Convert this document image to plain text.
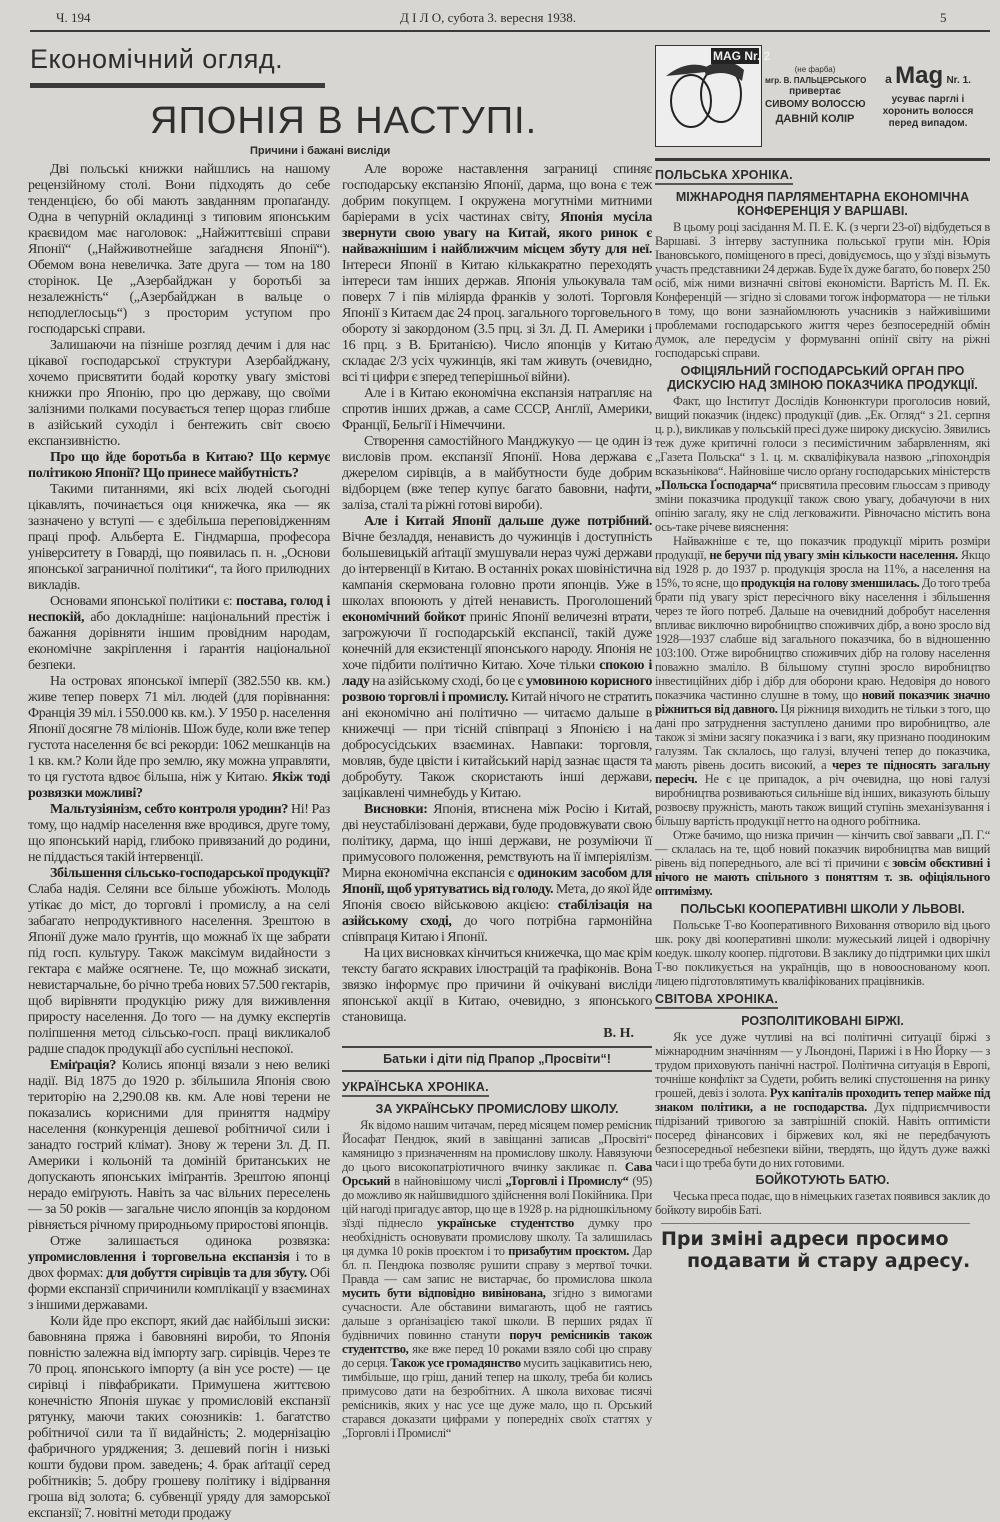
Ч. 194	Д І Л О, субота 3. вересня 1938.	5
Економічний огляд.
ЯПОНІЯ В НАСТУПІ.
Причини і бажані висліди
MAG Nr. 2
(не фарба)
мгр. В. ПАЛЬЦЕРСЬКОГО
привертає
СИВОМУ ВОЛОССЮ
ДАВНІЙ КОЛІР
а Mag Nr. 1.
усуває парглі і хоронить волосся перед випадом.

Дві польські книжки найшлись на нашому рецензійному столі. Вони підходять до себе тенденцією, бо обі мають завданням пропаґанду. Одна в чепурній окладинці з типовим японським краєвидом має наголовок: „Найжиттєвіші справи Японії“ („Найживотнейше заґаднєня Японії“). Обемом вона невеличка. Зате друга — том на 180 сторінок. Це „Азербайджан у боротьбі за незалежність“ („Азербайджан в вальце о нєподлеґлосьць“) з просторим уступом про господарські справи.

Залишаючи на пізніше розгляд дечим і для нас цікавої господарської структури Азербайджану, хочемо присвятити бодай коротку уваґу змістові книжки про Японію, про цю державу, що своїми залізними полками посувається тепер щораз глибше в азійський суходіл і бентежить світ своєю експанзивністю.

Про що йде боротьба в Китаю? Що кермує політикою Японії? Що принесе майбутність?

Такими питаннями, які всіх людей сьогодні цікавлять, починається оця книжечка, яка — як зазначено у вступі — є здебільша переповідженням праці проф. Альберта Е. Гіндмарша, професора університету в Говарді, що появилась п. н. „Основи японської заграничної політики“, та його прилюдних викладів.

Основами японської політики є: постава, голод і неспокій, або докладніше: національний престіж і бажання дорівняти іншим провідним народам, економічне закріплення і ґарантія національної безпеки.

На островах японської імперії (382.550 кв. км.) живе тепер поверх 71 міл. людей (для порівнання: Франція 39 міл. і 550.000 кв. км.). У 1950 р. населення Японії досягне 78 міліонів. Шож буде, коли вже тепер густота населення бє всі рекорди: 1062 мешканців на 1 кв. км.? Коли йде про землю, яку можна управляти, то ця густота вдвоє більша, ніж у Китаю. Якіж тоді розвязки можливі?

Мальтузіянізм, себто контроля уродин? Ні! Раз тому, що надмір населення вже вродився, друге тому, що японський нарід, глибоко привязаний до родини, не піддасться такій інтервенції.

Збільшення сільсько-господарської продукції? Слаба надія. Селяни все більше убожіють. Молодь утікає до міст, до торговлі і промислу, а на селі забагато непродуктивного населення. Зрештою в Японії дуже мало ґрунтів, що можнаб їх ще забрати під госп. культуру. Також максімум видайности з гектара є майже осягнене. Те, що можнаб зискати, невистарчальне, бо річно треба нових 57.500 гектарів, щоб вирівняти продукцію рижу для виживлення приросту населення. До того — на думку експертів поліпшення метод сільсько-госп. праці викликалоб радше спадок продукції або суспільні неспокої.

Еміґрація? Колись японці вязали з нею великі надії. Від 1875 до 1920 р. збільшила Японія свою територію на 2,290.08 кв. км. Але нові терени не показались корисними для приняття надміру населення (конкуренція дешевої робітничої сили і занадто гострий клімат). Знову ж терени Зл. Д. П. Америки і кольоній та доміній британських не допускають японських іміґрантів. Зрештою японці нерадо еміґрують. Навіть за час вільних переселень — за 50 років — загальне число японців за кордоном рівняється річному природньому приростові японців.

Отже залишається одинока розвязка: упромисловлення і торговельна експанзія і то в двох формах: для добуття сирівців та для збуту. Обі форми експанзії спричинили комплікації у взаєминах з іншими державами.

Коли йде про експорт, який дає найбільші зиски: бавовняна пряжа і бавовняні вироби, то Японія повністю залежна від імпорту загр. сирівців. Через те 70 проц. японського імпорту (а він усе росте) — це сирівці і півфабрикати. Примушена життєвою конечністю Японія шукає у промисловій експанзії рятунку, маючи таких союзників: 1. багатство робітничої сили та її видайність; 2. модернізацію фабричного уряджения; 3. дешевий погін і низькі кошти будови пром. заведень; 4. брак аґітації серед робітників; 5. добру грошеву політику і відірвання гроша від золота; 6. субвенції уряду для заморської експанзії; 7. новітні методи продажу

Але вороже наставлення заграниці спиняє господарську експанзію Японії, дарма, що вона є теж добрим покупцем. І окружена могутніми митними баріерами в усіх частинах світу, Японія мусіла звернути свою увагу на Китай, якого ринок є найважнішим і найближчим місцем збуту для неї. Інтереси Японії в Китаю кількакратно переходять інтереси там інших держав. Японія ульокувала там поверх 7 і пів міліярда франків у золоті. Торговля Японії з Китаєм дає 24 проц. загального торговельного обороту зі закордоном (3.5 прц. зі Зл. Д. П. Америки і 16 прц. з В. Британією). Число японців у Китаю складає 2/3 усіх чужинців, які там живуть (очевидно, всі ті цифри є зперед теперішньої війни).

Але і в Китаю економічна експанзія натрапляє на спротив інших држав, а саме СССР, Анґлії, Америки, Франції, Бельгії і Німеччини.

Створення самостійного Манджукуо — це один із висловів пром. експанзії Японії. Нова держава є джерелом сирівців, а в майбутности буде добрим відборцем (вже тепер купує багато бавовни, нафти, заліза, сталі та ріжні готові вироби).

Але і Китай Японії дальше дуже потрібний. Вічне безладдя, ненависть до чужинців і доступність большевицькій аґітації змушували нераз чужі держави до інтервенції в Китаю. В останніх роках шовіністична кампанія скермована головно проти японців. Уже в школах впоюють у дітей ненависть. Проголошений економічний бойкот приніс Японії величезні втрати, загрожуючи її господарській експансії, такій дуже конечній для екзистенції японського народу. Японія не хоче підбити політично Китаю. Хоче тільки спокою і ладу на азійському сході, бо це є умовиною корисного розвою торговлі і промислу. Китай нічого не стратить ані економічно ані політично — читаємо дальше в книжечці — при тісній співпраці з Японією і на добросусідських взаєминах. Навпаки: торговля, мовляв, буде цвісти і китайський нарід зазнає щастя та добробуту. Також скористають інші держави, зацікавлені чимнебудь у Китаю.

Висновки: Японія, втиснена між Росію і Китай, дві неустабілізовані держави, буде продовжувати свою політику, дарма, що інші держави, не розуміючи її примусового положення, ремствують на її імперіялізм. Мирна економічна експансія є одиноким засобом для Японії, щоб урятуватись від голоду. Мета, до якої йде Японія своєю військовою акцією: стабілізація на азійському сході, до чого потрібна гармонійна співпраця Китаю і Японії.

На цих висновках кінчиться книжечка, що має крім тексту багато яскравих ілюстрацій та ґрафіконів. Вона звязко інформує про причини й очікувані висліди японської акції в Китаю, очевидно, з японського становища.

В. Н.
Батьки і діти під Прапор „Просвіти“!
УКРАЇНСЬКА ХРОНІКА.
ЗА УКРАЇНСЬКУ ПРОМИСЛОВУ ШКОЛУ.

Як відомо нашим читачам, перед місяцем помер ремісник Йосафат Пендюк, який в завіщанні записав „Просвіті“ камяницю з призначенням на промислову школу. Навязуючи до цього високопатріотичного вчинку закликає п. Сава Орський в найновішому числі „Торговлі і Промислу“ (95) до можливо як найшвидшого здійснення волі Покійника. При цій нагоді пригадує автор, що ще в 1928 р. на рідношкільному зїзді піднесло українське студентство думку про необхідність основувати промислову школу. Та залишилась ця думка 10 років проєктом і то призабутим проєктом. Дар бл. п. Пендюка позволяє рушити справу з мертвої точки. Правда — сам запис не вистарчає, бо промислова школа мусить бути відповідно вивінована, згідно з вимогами сучасности. Але обставини вимагають, щоб не гаятись дальше з орґанізацією такої школи. В перших рядах її будівничих повинно станути поруч ремісників також студентство, яке вже перед 10 роками взяло собі цю справу до серця. Також усе громадянство мусить зацікавитись нею, тимбільше, що гріш, даний тепер на школу, треба би колись примусово дати на безробітних. А школа виховає тисячі ремісників, яких у нас усе ще дуже мало, що п. Орський старався доказати цифрами у попередніх своїх статтях у „Торговлі і Промислі“

ПОЛЬСЬКА ХРОНІКА.
МІЖНАРОДНЯ ПАРЛЯМЕНТАРНА ЕКОНОМІЧНА КОНФЕРЕНЦІЯ У ВАРШАВІ.

В цьому році засідання М. П. Е. К. (з черги 23-ої) відбудеться в Варшаві. З інтерву заступника польської групи мін. Юрія Івановського, поміщеного в пресі, довідуємось, що у зїзді візьмуть участь представники 24 держав. Буде їх дуже багато, бо поверх 250 осіб, між ними визначні світові економісти. Вартість М. П. Ек. Конференцій — згідно зі словами тогож інформатора — не тільки в тому, що вони зазнайомлюють учасників з найживішими проблемами господарського життя через безпосередній обмін думок, але передусім у формуванні опінії світу на ріжні господарські справи.

ОФІЦІЯЛЬНИЙ ГОСПОДАРСЬКИЙ ОРГАН ПРО ДИСКУСІЮ НАД ЗМІНОЮ ПОКАЗЧИКА ПРОДУКЦІЇ.

Факт, що Інститут Дослідів Конюнктури проголосив новий, вищий показчик (індекс) продукції (див. „Ек. Огляд“ з 21. серпня ц. р.), викликав у польській пресі дуже широку дискусію. Зявились теж дуже критичні голоси з песимістичним забарвленням, які „Газета Польска“ з 1. ц. м. скваліфікувала назвою „гіпохондрія всказьнікова“. Найновіше число орґану господарських міністерств „Польска Ґосподарча“ присвятила пресовим гльоссам з приводу зміни показчика продукції також свою увагу, добачуючи в них опінію загалу, яку не слід легковажити. Рівночасно містить вона ось-таке річеве вияснення:

Найважніше є те, що показчик продукції мірить розміри продукції, не беручи під увагу змін кількости населення. Якщо від 1928 р. до 1937 р. продукція зросла на 11%, а населення на 15%, то ясне, що продукція на голову зменшилась. До того треба брати під увагу зріст пересічного віку населення і збільшення через те його потреб. Дальше на очевидний добробут населення впливає виключно виробництво споживчих дібр, а воно зросло від 1928—1937 слабше від загального показчика, бо в відношенню 103:100. Отже виробництво споживчих дібр на голову населення поважно змаліло. В більшому ступні зросло виробництво інвестиційних дібр і дібр для оборони краю. Недовіря до нового показчика частинно слушне в тому, що новий показчик значно ріжниться від давного. Ця ріжниця виходить не тільки з того, що дані про затруднення заступлено даними про виробництво, але також зі зміни засягу показчика і з ваги, яку признано поодиноким галузям. Так склалось, що галузі, влучені тепер до показчика, мають рівень досить високий, а через те підносять загальну пересіч. Не є це припадок, а річ очевидна, що нові галузі виробництва розвиваються сильніше від інших, виказують більшу розвоєву пружність, мають також вищий ступінь змеханізування і більшу вартість продукції нетто на одного робітника.

Отже бачимо, що низка причин — кінчить свої завваги „П. Г.“ — склалась на те, щоб новий показчик виробництва мав вищий рівень від попереднього, але всі ті причини є зовсім обєктивні і нічого не мають спільного з поняттям т. зв. офіціяльного оптимізму.

ПОЛЬСЬКІ КООПЕРАТИВНІ ШКОЛИ У ЛЬВОВІ.

Польське Т-во Кооперативного Виховання отворило від цього шк. року дві кооперативні школи: мужеський лицей і одворічну коедук. школу коопер. підготови. В заклику до підтримки цих шкіл Т-во покликується на українців, що в новооснованому кооп. лицею підготовлятимуть кваліфікованих працівників.

СВІТОВА ХРОНІКА.
РОЗПОЛІТИКОВАНІ БІРЖІ.

Як усе дуже чутливі на всі політичні ситуації біржі з міжнародним значінням — у Льондоні, Парижі і в Ню Йорку — з трудом приховують панічні настрої. Політична ситуація в Европі, точніше конфлікт за Судети, робить великі спустошення на ринку грошей, девіз і золота. Рух капіталів проходить тепер майже під знаком політики, а не господарства. Дух підприємчивости підрізаний тривогою за завтрішній спокій. Навіть оптимісти посеред фінансових і біржевих кол, які не передбачують безпосередньої небезпеки війни, твердять, що йдуть дуже важкі часи і що треба бути до них готовими.

БОЙКОТУЮТЬ БАТЮ.

Чеська преса подає, що в німецьких газетах появився заклик до бойкоту виробів Баті.

При зміні адреси просимо
подавати й стару адресу.
